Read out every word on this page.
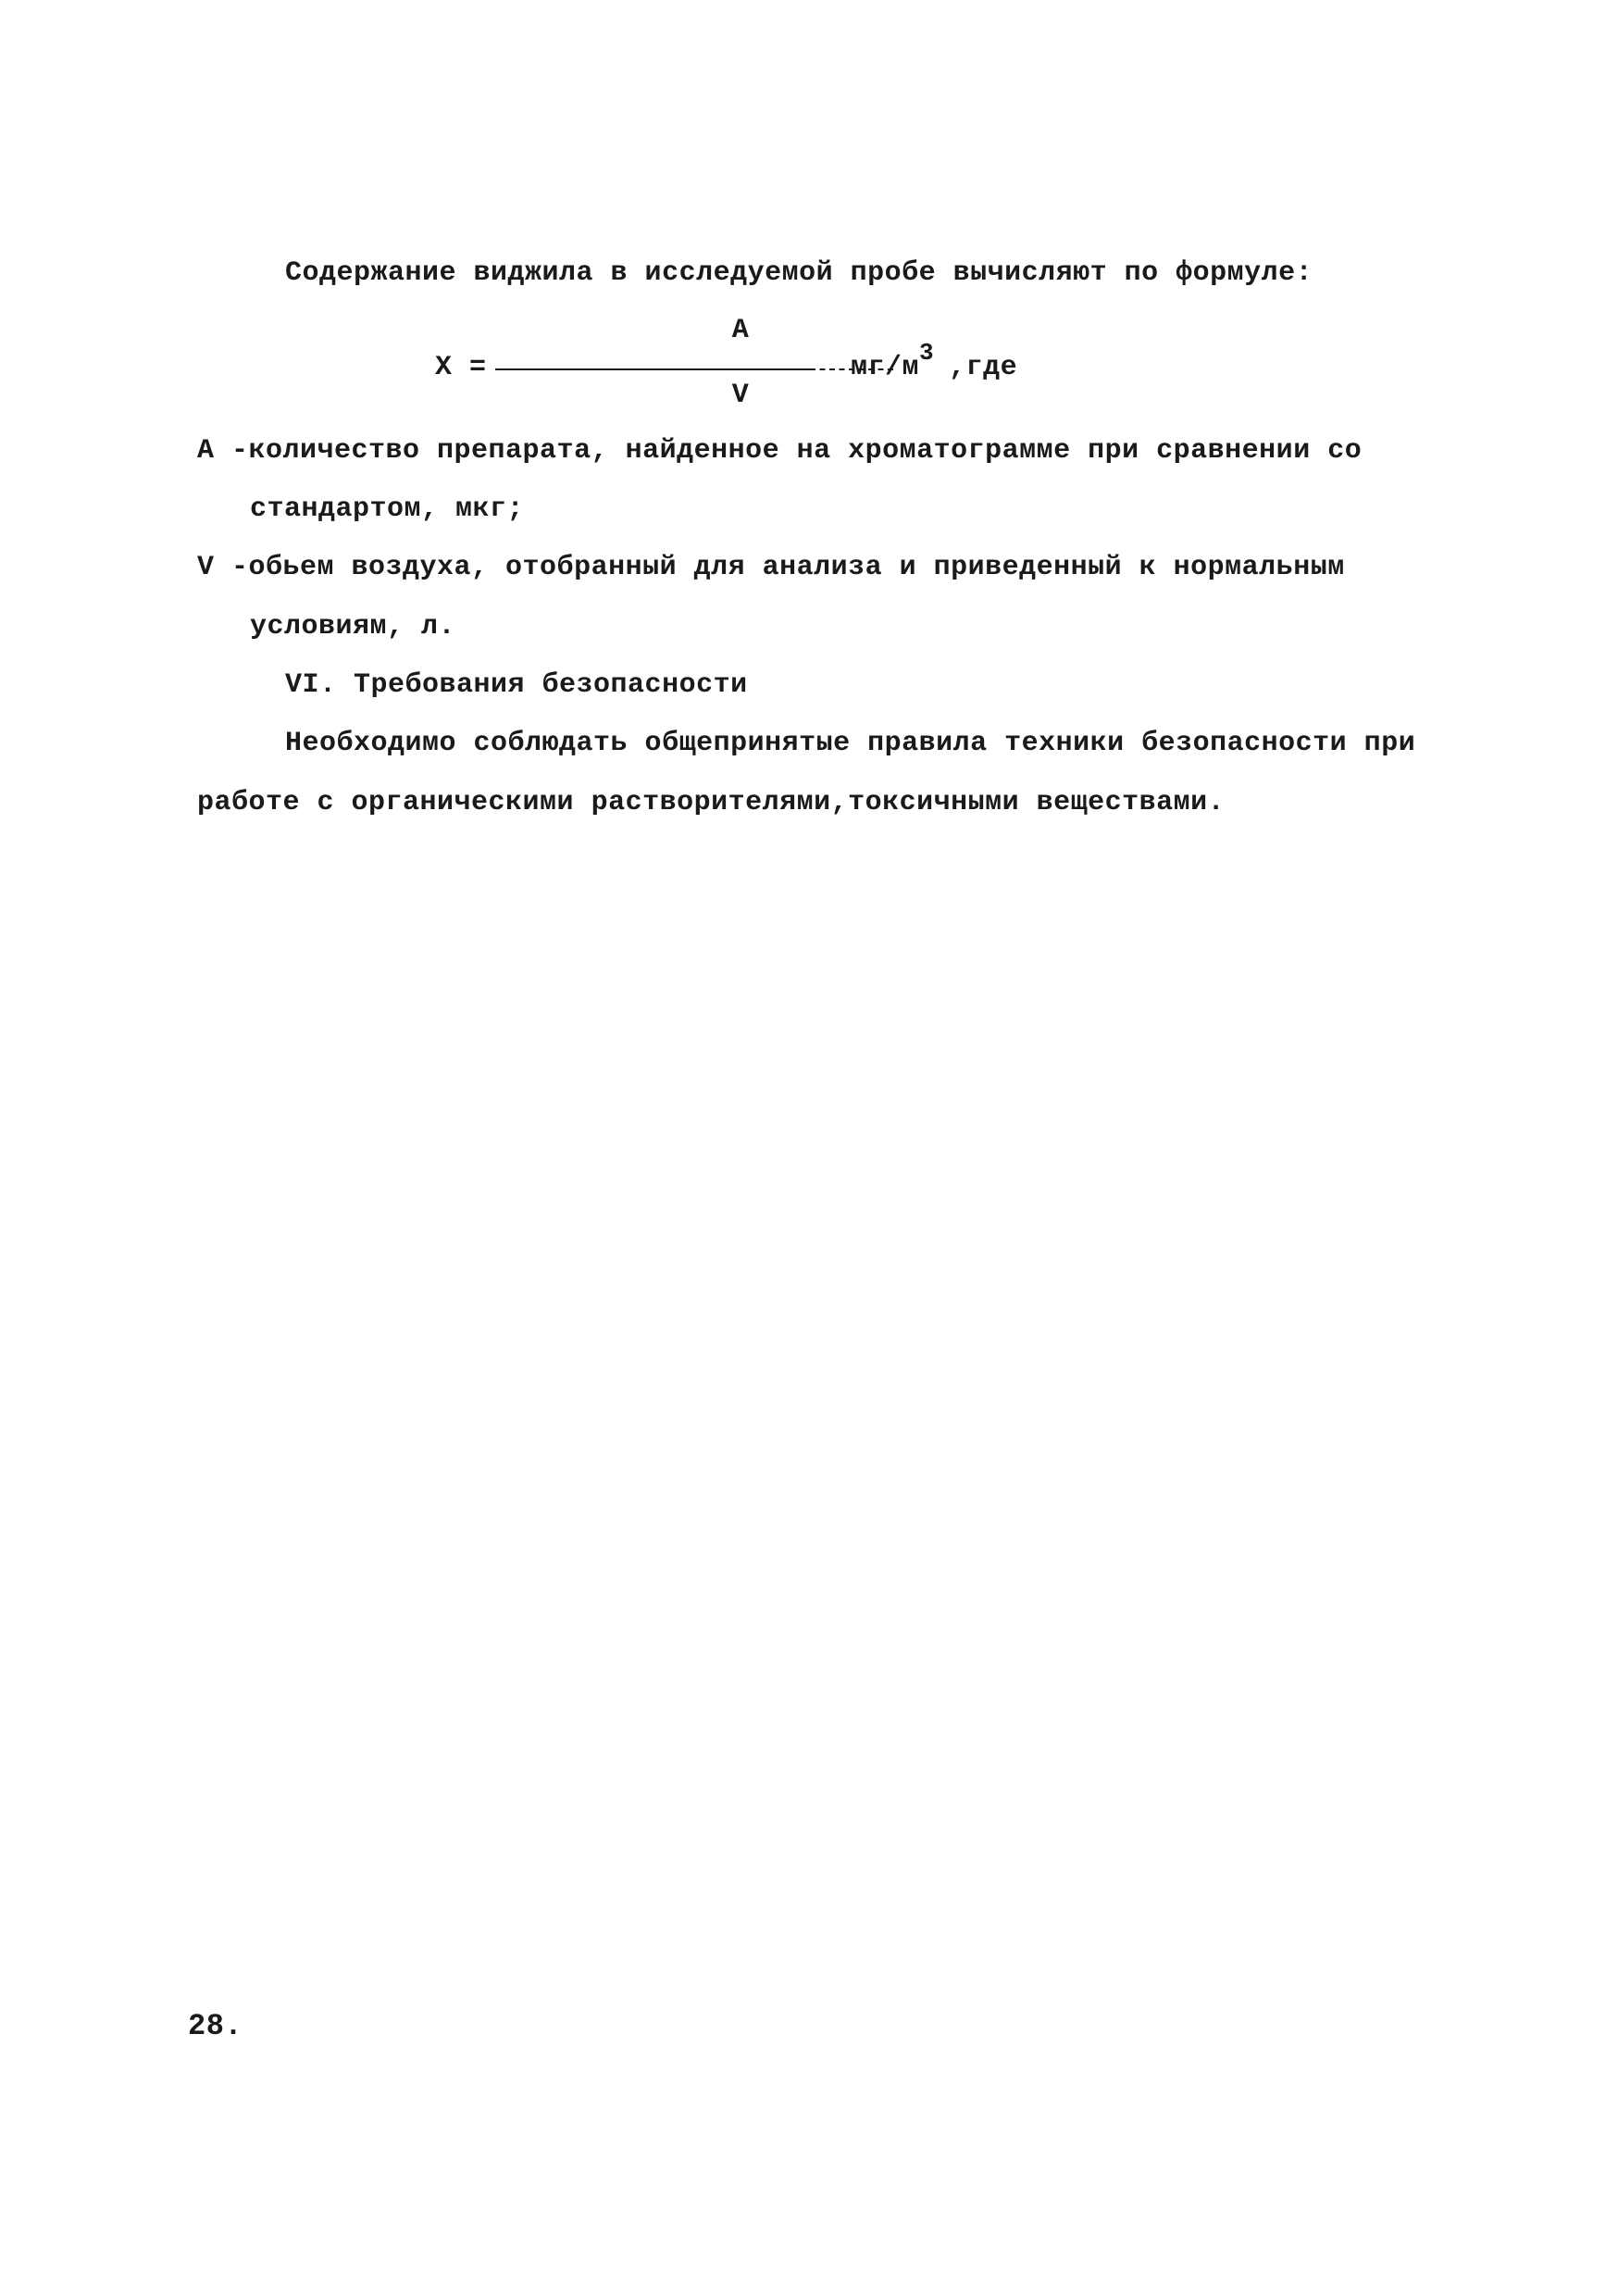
Содержание виджила в исследуемой пробе вычисляют по формуле:
X =
A
V
мг/м3 ,где
A -количество препарата, найденное на хроматограмме при сравнении со
стандартом, мкг;
V -обьем воздуха, отобранный для анализа и приведенный к нормальным
условиям, л.
VI. Требования безопасности
Необходимо соблюдать общепринятые правила техники безопасности при
работе с органическими растворителями,токсичными веществами.
28.
